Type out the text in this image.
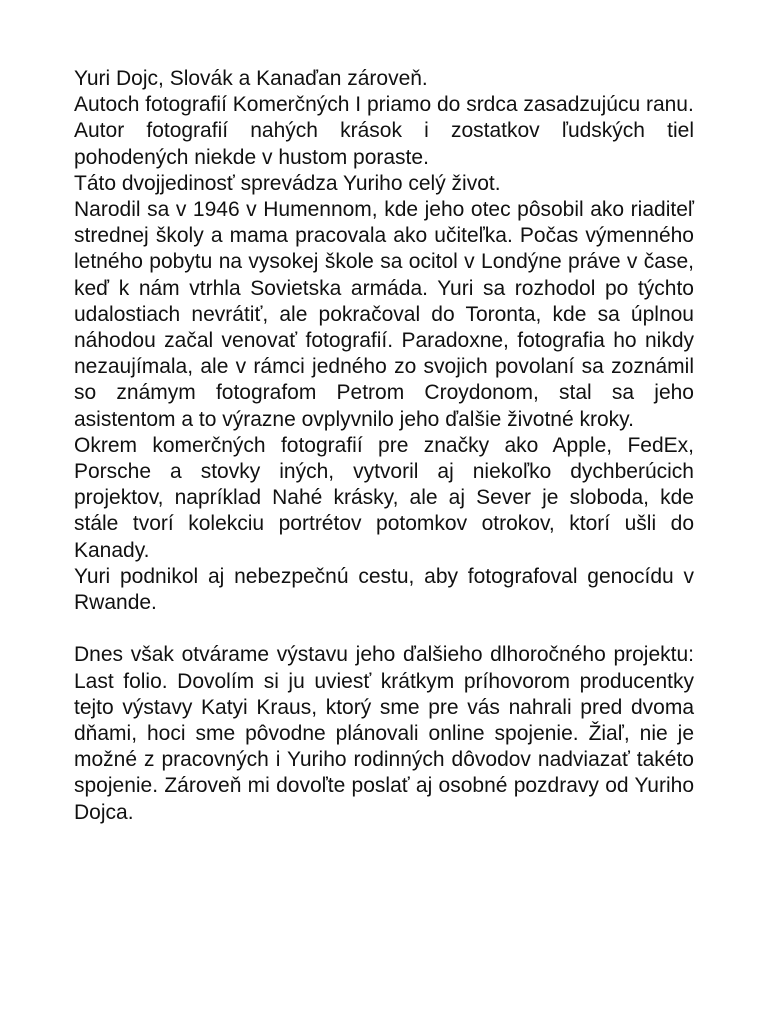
Yuri Dojc, Slovák a Kanaďan zároveň.

Autoch fotografií Komerčných I priamo do srdca zasadzujúcu ranu.

Autor fotografií nahých krások i zostatkov ľudských tiel pohodených niekde v hustom poraste.

Táto dvojjedinosť sprevádza Yuriho celý život.

Narodil sa v 1946 v Humennom, kde jeho otec pôsobil ako riaditeľ strednej školy a mama pracovala ako učiteľka. Počas výmenného letného pobytu na vysokej škole sa ocitol v Londýne práve v čase, keď k nám vtrhla Sovietska armáda. Yuri sa rozhodol po týchto udalostiach nevrátiť, ale pokračoval do Toronta, kde sa úplnou náhodou začal venovať fotografií. Paradoxne, fotografia ho nikdy nezaujímala, ale v rámci jedného zo svojich povolaní sa zoznámil so známym fotografom Petrom Croydonom, stal sa jeho asistentom a to výrazne ovplyvnilo jeho ďalšie životné kroky.

Okrem komerčných fotografií pre značky ako Apple, FedEx, Porsche a stovky iných, vytvoril aj niekoľko dychberúcich projektov, napríklad Nahé krásky, ale aj Sever je sloboda, kde stále tvorí kolekciu portrétov potomkov otrokov, ktorí ušli do Kanady.

Yuri podnikol aj nebezpečnú cestu, aby fotografoval genocídu v Rwande.

Dnes však otvárame výstavu jeho ďalšieho dlhoročného projektu: Last folio. Dovolím si ju uviesť krátkym príhovorom producentky tejto výstavy Katyi Kraus, ktorý sme pre vás nahrali pred dvoma dňami, hoci sme pôvodne plánovali online spojenie. Žiaľ, nie je možné z pracovných i Yuriho rodinných dôvodov nadviazať takéto spojenie. Zároveň mi dovoľte poslať aj osobné pozdravy od Yuriho Dojca.
